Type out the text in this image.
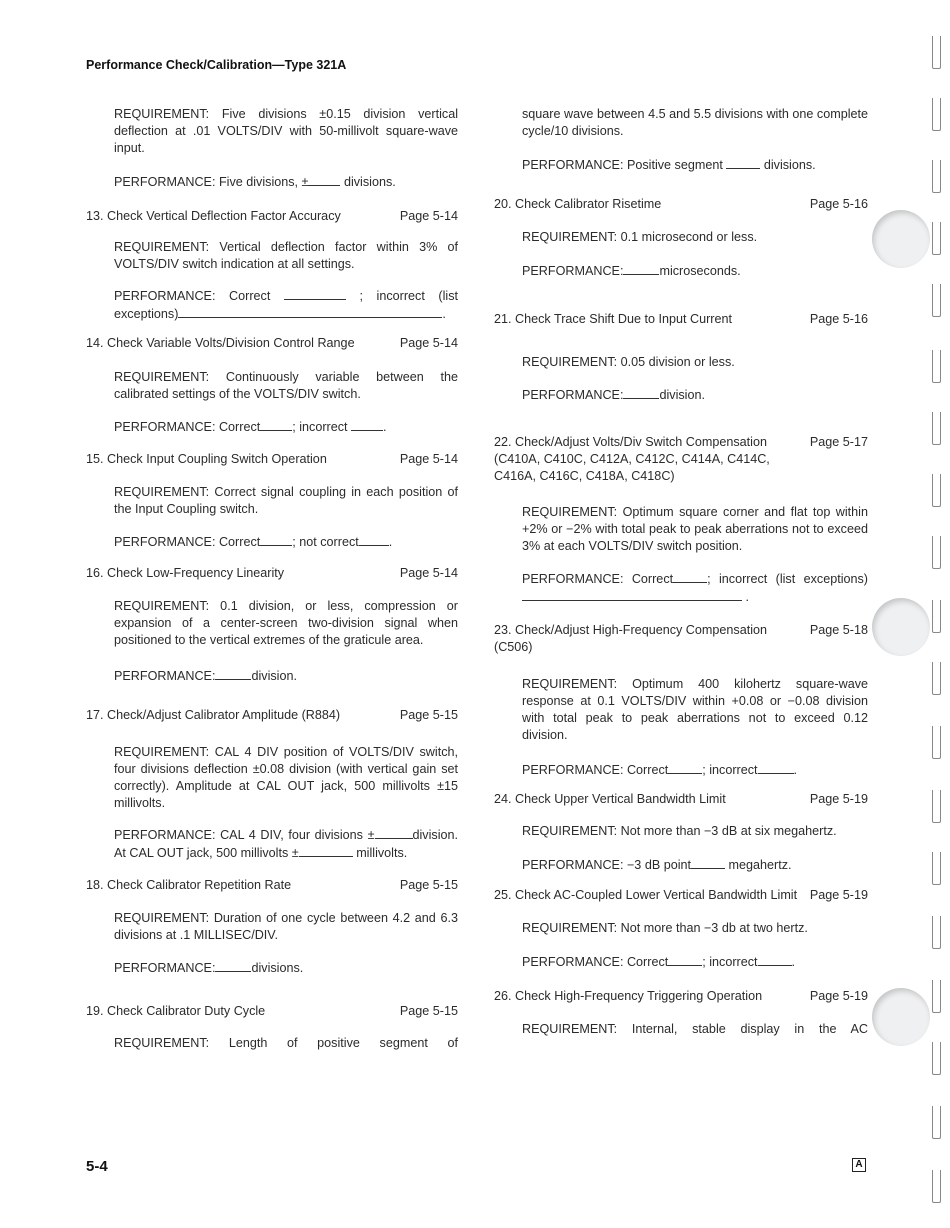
Performance Check/Calibration—Type 321A

REQUIREMENT: Five divisions ±0.15 division vertical deflection at .01 VOLTS/DIV with 50-millivolt square-wave input.

PERFORMANCE: Five divisions, ±	divisions.

13. Check Vertical Deflection Factor Accuracy	Page 5-14

REQUIREMENT: Vertical deflection factor within 3% of VOLTS/DIV switch indication at all settings.

PERFORMANCE: Correct	; incorrect (list exceptions)	.

14. Check Variable Volts/Division Control Range	Page 5-14

REQUIREMENT: Continuously variable between the calibrated settings of the VOLTS/DIV switch.

PERFORMANCE: Correct	; incorrect	.

15. Check Input Coupling Switch Operation	Page 5-14

REQUIREMENT: Correct signal coupling in each position of the Input Coupling switch.

PERFORMANCE: Correct	; not correct .

16. Check Low-Frequency Linearity	Page 5-14

REQUIREMENT: 0.1 division, or less, compression or expansion of a center-screen two-division signal when positioned to the vertical extremes of the graticule area.

PERFORMANCE:	division.

17. Check/Adjust Calibrator Amplitude (R884)	Page 5-15

REQUIREMENT: CAL 4 DIV position of VOLTS/DIV switch, four divisions deflection ±0.08 division (with vertical gain set correctly). Amplitude at CAL OUT jack, 500 millivolts ±15 millivolts.

PERFORMANCE: CAL 4 DIV, four divisions ±	division. At CAL OUT jack, 500 millivolts ±	millivolts.

18. Check Calibrator Repetition Rate	Page 5-15

REQUIREMENT: Duration of one cycle between 4.2 and 6.3 divisions at .1 MILLISEC/DIV.

PERFORMANCE:	divisions.

19. Check Calibrator Duty Cycle	Page 5-15

REQUIREMENT: Length of positive segment of

square wave between 4.5 and 5.5 divisions with one complete cycle/10 divisions.

PERFORMANCE: Positive segment	divisions.

20. Check Calibrator Risetime	Page 5-16

REQUIREMENT: 0.1 microsecond or less.

PERFORMANCE:	microseconds.

21. Check Trace Shift Due to Input Current	Page 5-16

REQUIREMENT: 0.05 division or less.

PERFORMANCE:	division.

22. Check/Adjust Volts/Div Switch Compensation (C410A, C410C, C412A, C412C, C414A, C414C, C416A, C416C, C418A, C418C)
Page 5-17

REQUIREMENT: Optimum square corner and flat top within +2% or −2% with total peak to peak aberrations not to exceed 3% at each VOLTS/DIV switch position.

PERFORMANCE: Correct	; incorrect (list exceptions) .

23. Check/Adjust High-Frequency Compensation (C506)
Page 5-18

REQUIREMENT: Optimum 400 kilohertz square-wave response at 0.1 VOLTS/DIV within +0.08 or −0.08 division with total peak to peak aberrations not to exceed 0.12 division.

PERFORMANCE: Correct	; incorrect	.

24. Check Upper Vertical Bandwidth Limit	Page 5-19

REQUIREMENT: Not more than −3 dB at six megahertz.

PERFORMANCE: −3 dB point	megahertz.

25. Check AC-Coupled Lower Vertical Bandwidth Limit	Page 5-19

REQUIREMENT: Not more than −3 db at two hertz.

PERFORMANCE: Correct	; incorrect	.

26. Check High-Frequency Triggering Operation	Page 5-19

REQUIREMENT: Internal, stable display in the AC

5-4	A
